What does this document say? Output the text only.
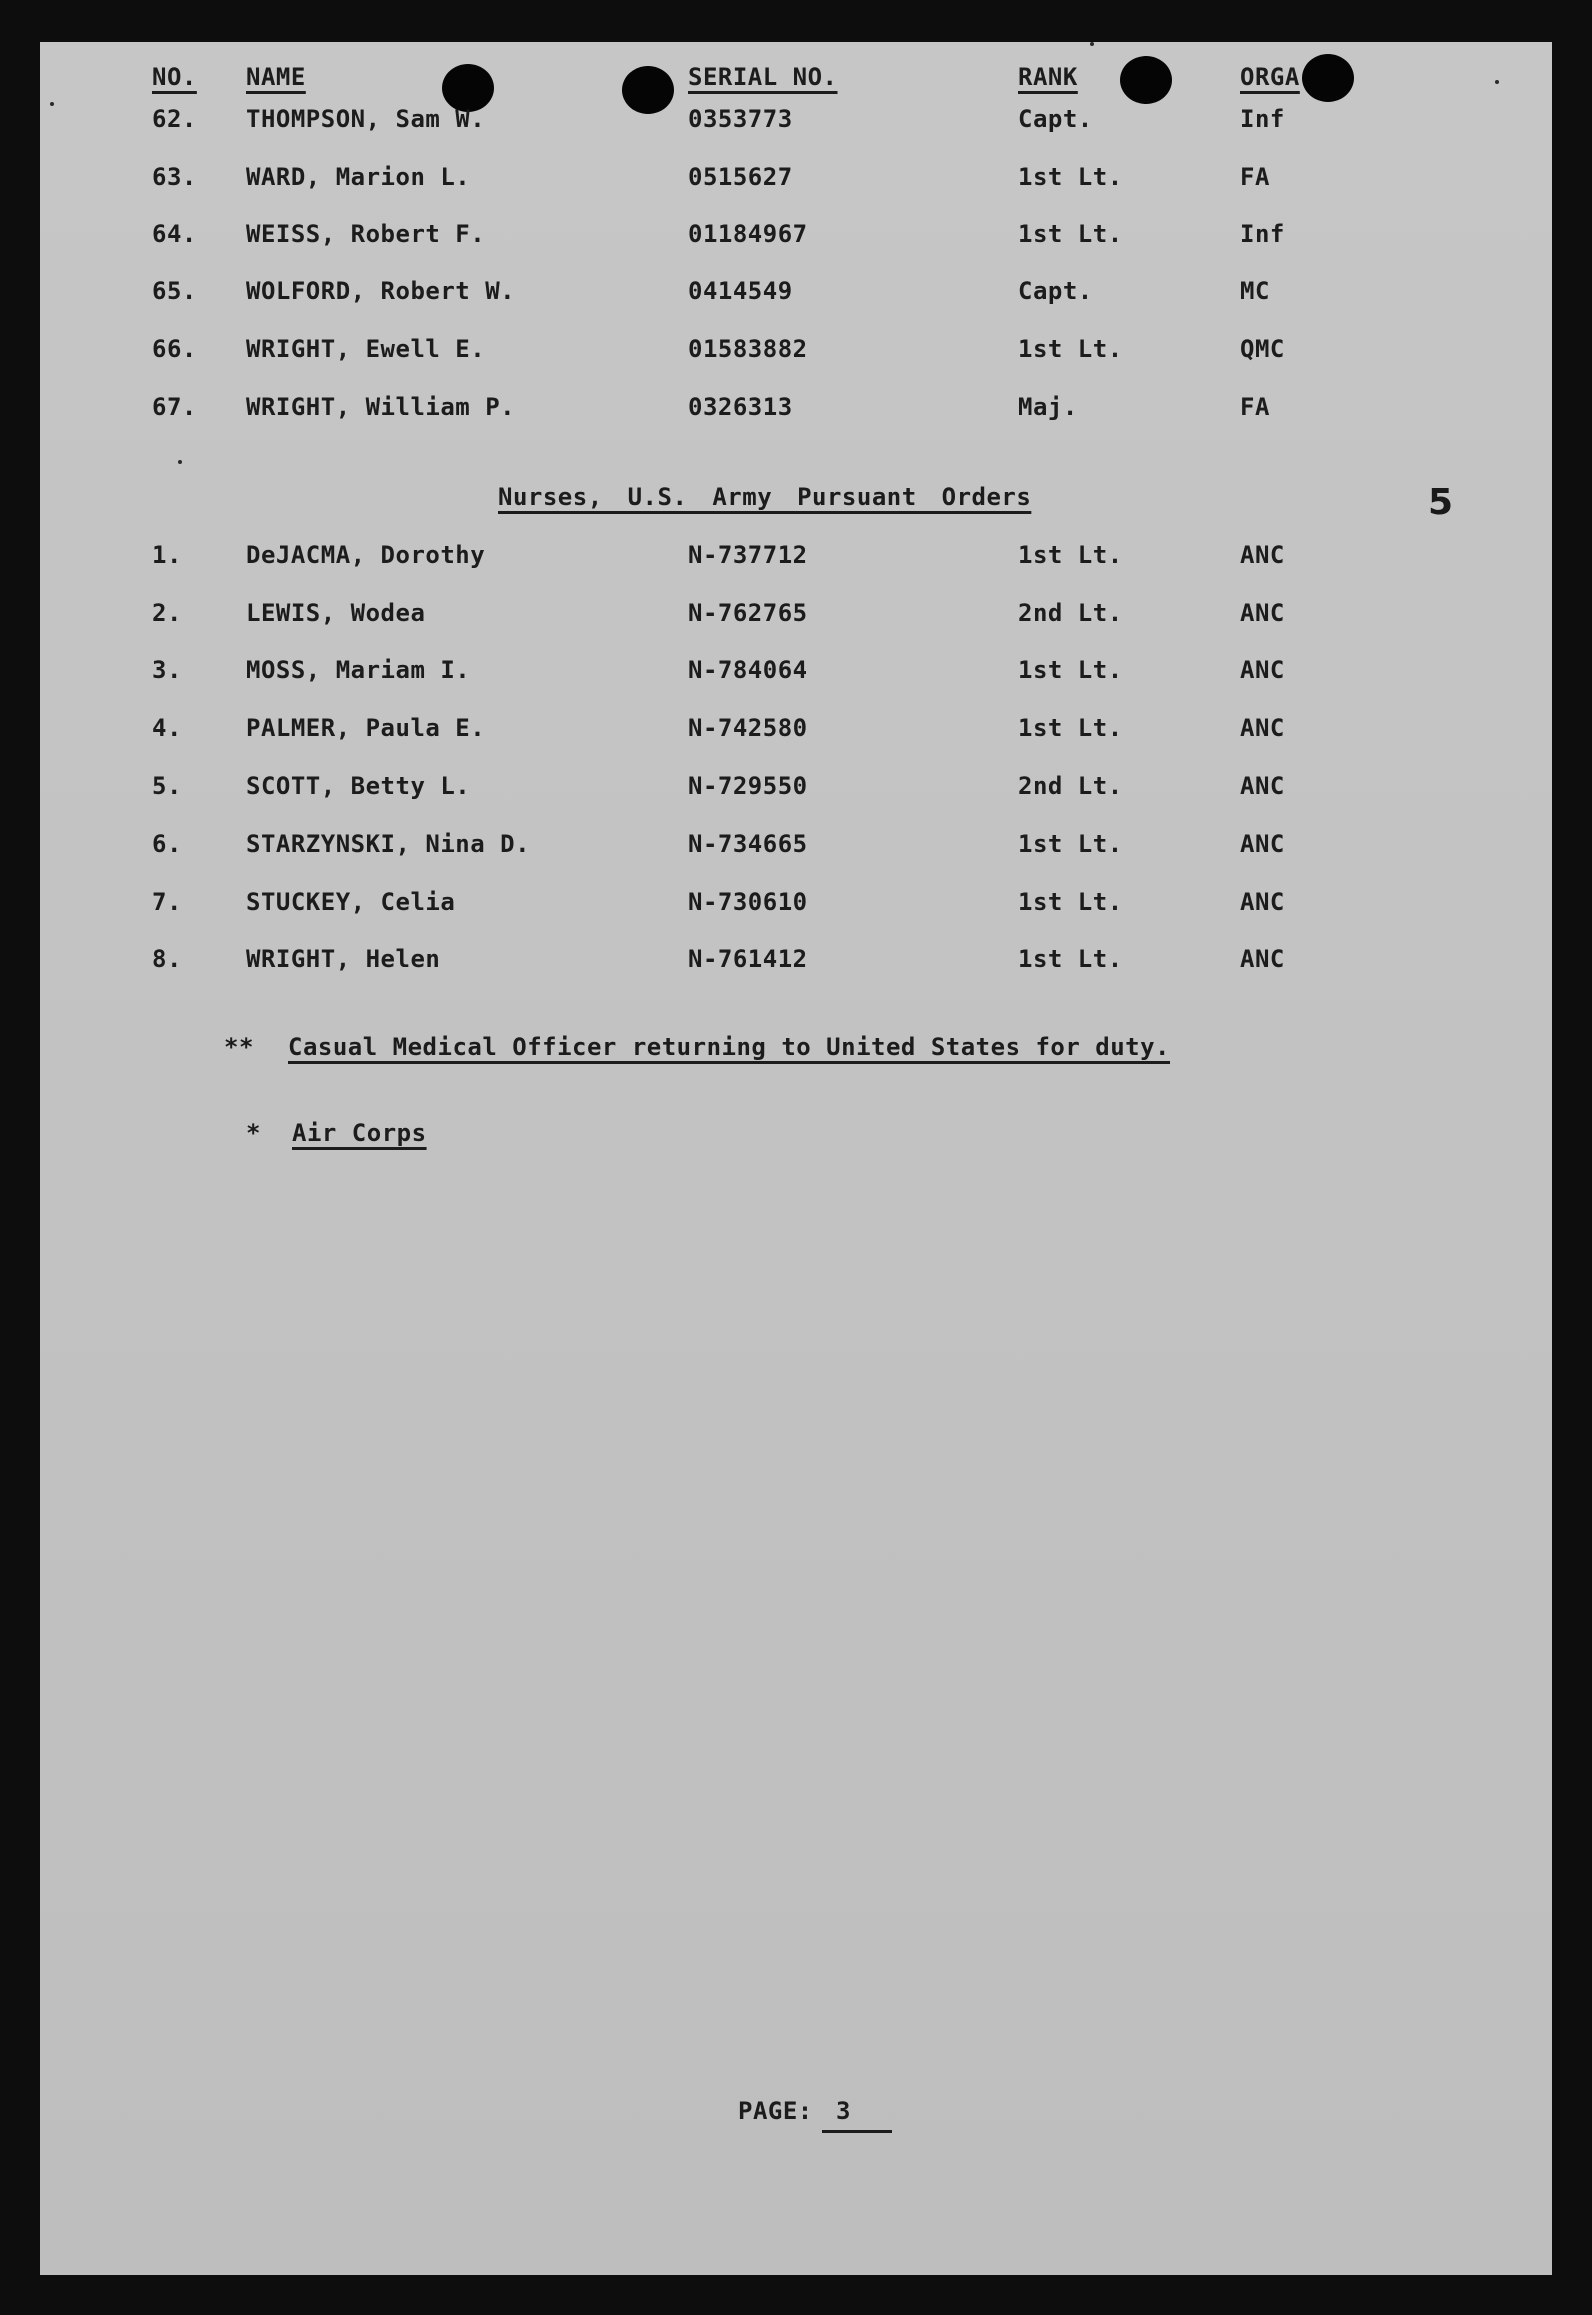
NO.	NAME	SERIAL NO.	RANK	ORGA
62.	THOMPSON, Sam W.	0353773	Capt.	Inf
63.	WARD, Marion L.	0515627	1st Lt.	FA
64.	WEISS, Robert F.	01184967	1st Lt.	Inf
65.	WOLFORD, Robert W.	0414549	Capt.	MC
66.	WRIGHT, Ewell E.	01583882	1st Lt.	QMC
67.	WRIGHT, William P.	0326313	Maj.	FA
Nurses, U.S. Army Pursuant Orders	5
1.	DeJACMA, Dorothy	N-737712	1st Lt.	ANC
2.	LEWIS, Wodea	N-762765	2nd Lt.	ANC
3.	MOSS, Mariam I.	N-784064	1st Lt.	ANC
4.	PALMER, Paula E.	N-742580	1st Lt.	ANC
5.	SCOTT, Betty L.	N-729550	2nd Lt.	ANC
6.	STARZYNSKI, Nina D.	N-734665	1st Lt.	ANC
7.	STUCKEY, Celia	N-730610	1st Lt.	ANC
8.	WRIGHT, Helen	N-761412	1st Lt.	ANC
** Casual Medical Officer returning to United States for duty.
* Air Corps
PAGE: 3
